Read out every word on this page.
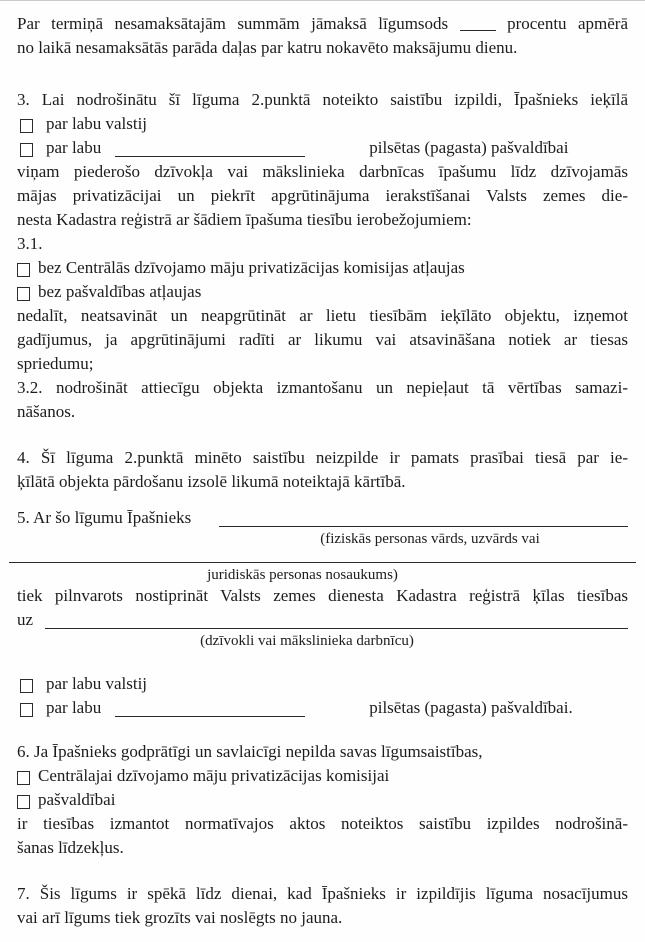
Par termiņā nesamaksātajām summām jāmaksā līgumsods	procentu apmērā
no laikā nesamaksātās parāda daļas par katru nokavēto maksājumu dienu.
3. Lai nodrošinātu šī līguma 2.punktā noteikto saistību izpildi, Īpašnieks ieķīlā
par labu valstij
par labu	pilsētas (pagasta) pašvaldībai
viņam piederošo dzīvokļa vai mākslinieka darbnīcas īpašumu līdz dzīvojamās
mājas privatizācijai un piekrīt apgrūtinājuma ierakstīšanai Valsts zemes die-
nesta Kadastra reģistrā ar šādiem īpašuma tiesību ierobežojumiem:
3.1.
bez Centrālās dzīvojamo māju privatizācijas komisijas atļaujas
bez pašvaldības atļaujas
nedalīt, neatsavināt un neapgrūtināt ar lietu tiesībām ieķīlāto objektu, izņemot
gadījumus, ja apgrūtinājumi radīti ar likumu vai atsavināšana notiek ar tiesas
spriedumu;
3.2. nodrošināt attiecīgu objekta izmantošanu un nepieļaut tā vērtības samazi-
nāšanos.
4. Šī līguma 2.punktā minēto saistību neizpilde ir pamats prasībai tiesā par ie-
ķīlātā objekta pārdošanu izsolē likumā noteiktajā kārtībā.
5. Ar šo līgumu Īpašnieks
(fiziskās personas vārds, uzvārds vai
juridiskās personas nosaukums)
tiek pilnvarots nostiprināt Valsts zemes dienesta Kadastra reģistrā ķīlas tiesības
uz
(dzīvokli vai mākslinieka darbnīcu)
par labu valstij
par labu	pilsētas (pagasta) pašvaldībai.
6. Ja Īpašnieks godprātīgi un savlaicīgi nepilda savas līgumsaistības,
Centrālajai dzīvojamo māju privatizācijas komisijai
pašvaldībai
ir tiesības izmantot normatīvajos aktos noteiktos saistību izpildes nodrošinā-
šanas līdzekļus.
7. Šis līgums ir spēkā līdz dienai, kad Īpašnieks ir izpildījis līguma nosacījumus
vai arī līgums tiek grozīts vai noslēgts no jauna.
